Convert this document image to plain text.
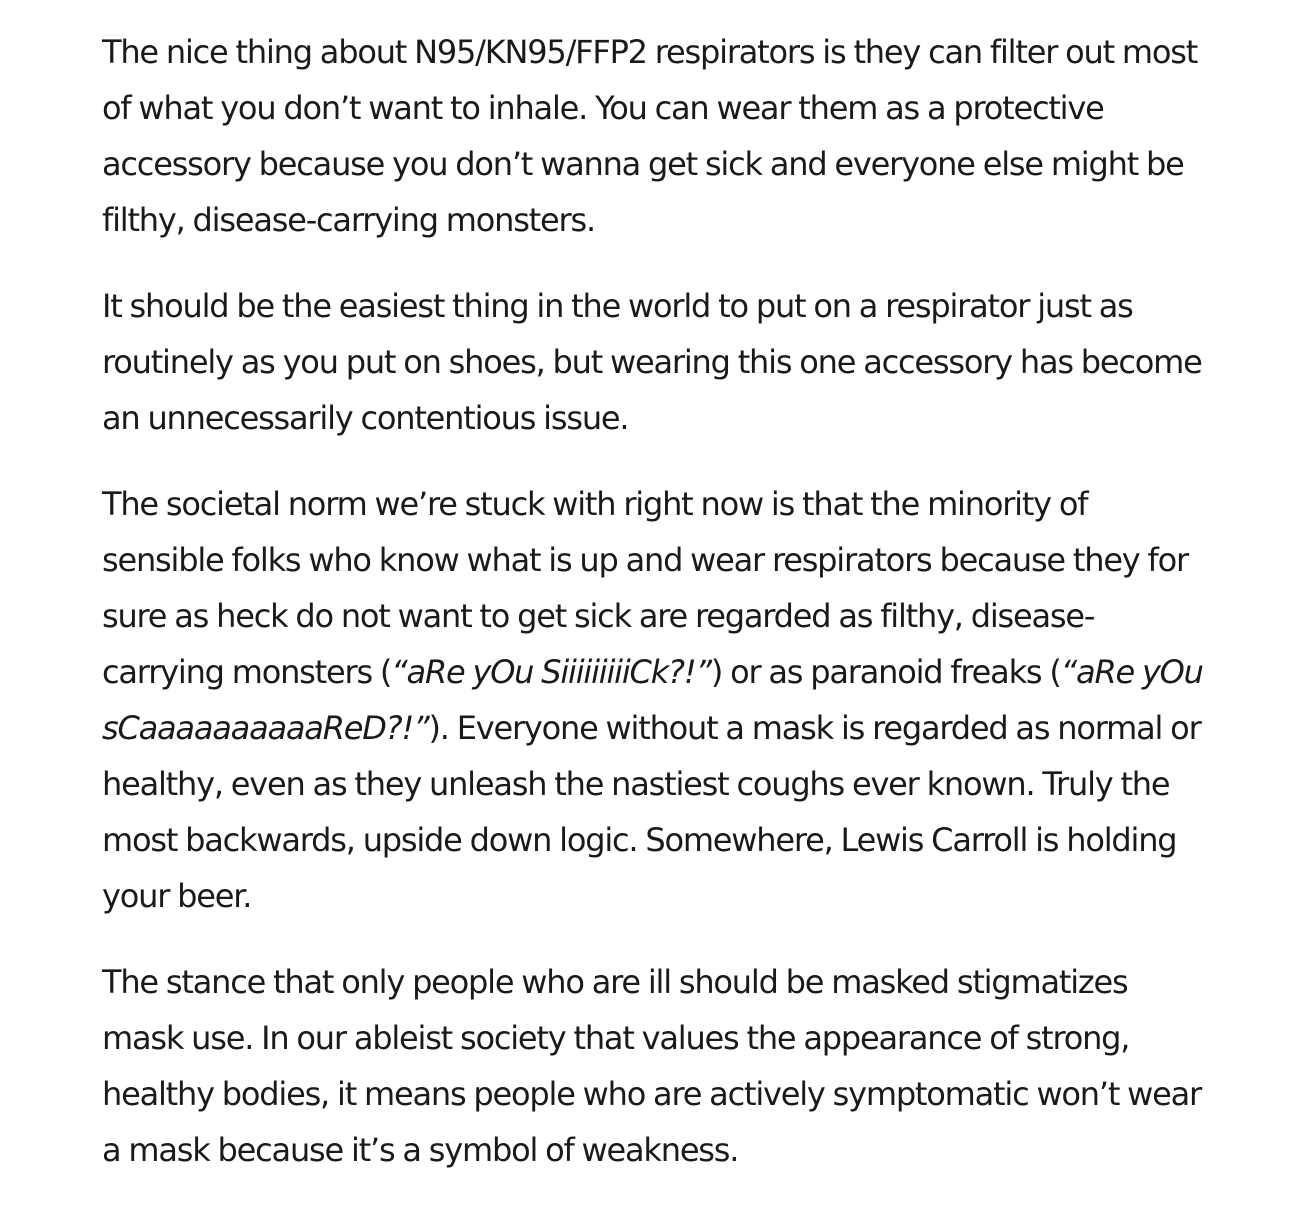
The nice thing about N95/KN95/FFP2 respirators is they can filter out most of what you don’t want to inhale. You can wear them as a protective accessory because you don’t wanna get sick and everyone else might be filthy, disease-carrying monsters.

It should be the easiest thing in the world to put on a respirator just as routinely as you put on shoes, but wearing this one accessory has become an unnecessarily contentious issue.

The societal norm we’re stuck with right now is that the minority of sensible folks who know what is up and wear respirators because they for sure as heck do not want to get sick are regarded as filthy, disease-carrying monsters (“aRe yOu SiiiiiiiiiCk?!”) or as paranoid freaks (“aRe yOu sCaaaaaaaaaaReD?!”). Everyone without a mask is regarded as normal or healthy, even as they unleash the nastiest coughs ever known. Truly the most backwards, upside down logic. Somewhere, Lewis Carroll is holding your beer.

The stance that only people who are ill should be masked stigmatizes mask use. In our ableist society that values the appearance of strong, healthy bodies, it means people who are actively symptomatic won’t wear a mask because it’s a symbol of weakness.
